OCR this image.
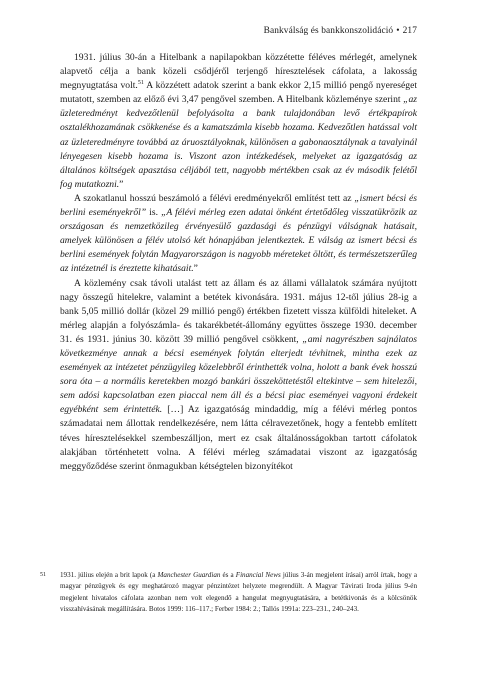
Bankválság és bankkonszolidáció • 217

1931. július 30-án a Hitelbank a napilapokban közzétette féléves mérlegét, amelynek alapvető célja a bank közeli csődjéről terjengő híresztelések cáfolata, a lakosság megnyugtatása volt.$^{51}$ A közzétett adatok szerint a bank ekkor 2,15 millió pengő nyereséget mutatott, szemben az előző évi 3,47 pengővel szemben. A Hitelbank közleménye szerint „az üzleteredményt kedvezőtlenül befolyásolta a bank tulajdonában levő értékpapírok osztalékhozamának csökkenése és a kamatszámla kisebb hozama. Kedvezőtlen hatással volt az üzleteredményre továbbá az áruosztályoknak, különösen a gabonaosztálynak a tavalyinál lényegesen kisebb hozama is. Viszont azon intézkedések, melyeket az igazgatóság az általános költségek apasztása céljából tett, nagyobb mértékben csak az év második felétől fog mutatkozni.”

A szokatlanul hosszú beszámoló a félévi eredményekről említést tett az „ismert bécsi és berlini eseményekről” is. „A félévi mérleg ezen adatai önként értetődőleg visszatükrözik az országosan és nemzetközileg érvényesülő gazdasági és pénzügyi válságnak hatásait, amelyek különösen a félév utolsó két hónapjában jelentkeztek. E válság az ismert bécsi és berlini események folytán Magyarországon is nagyobb méreteket öltött, és természetszerűleg az intézetnél is éreztette kihatásait.”

A közlemény csak távoli utalást tett az állam és az állami vállalatok számára nyújtott nagy összegű hitelekre, valamint a betétek kivonására. 1931. május 12-től július 28-ig a bank 5,05 millió dollár (közel 29 millió pengő) értékben fizetett vissza külföldi hiteleket. A mérleg alapján a folyószámla- és takarékbetét-állomány együttes összege 1930. december 31. és 1931. június 30. között 39 millió pengővel csökkent, „ami nagyrészben sajnálatos következménye annak a bécsi események folytán elterjedt tévhitnek, mintha ezek az események az intézetet pénzügyileg közelebbről érinthették volna, holott a bank évek hosszú sora óta – a normális keretekben mozgó bankári összeköttetéstől eltekintve – sem hitelezői, sem adósi kapcsolatban ezen piaccal nem áll és a bécsi piac eseményei vagyoni érdekeit egyébként sem érintették. […] Az igazgatóság mindaddig, míg a félévi mérleg pontos számadatai nem állottak rendelkezésére, nem látta célravezetőnek, hogy a fentebb említett téves híresztelésekkel szembeszálljon, mert ez csak általánosságokban tartott cáfolatok alakjában történhetett volna. A félévi mérleg számadatai viszont az igazgatóság meggyőződése szerint önmagukban kétségtelen bizonyítékot

51 1931. július elején a brit lapok (a Manchester Guardian és a Financial News július 3-án megjelent írásai) arról írtak, hogy a magyar pénzügyek és egy meghatározó magyar pénzintézet helyzete megrendült. A Magyar Távirati Iroda július 9-én megjelent hivatalos cáfolata azonban nem volt elegendő a hangulat megnyugtatására, a betétkivonás és a kölcsönök visszahívásának megállítására. Botos 1999: 116–117.; Ferber 1984: 2.; Tallós 1991a: 223–231., 240–243.
